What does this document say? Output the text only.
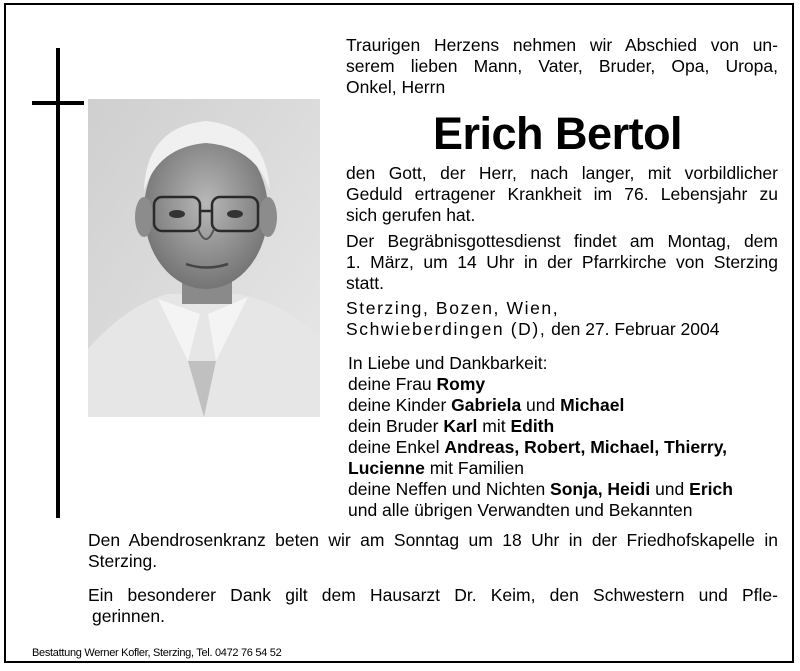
Traurigen Herzens nehmen wir Abschied von un-

serem lieben Mann, Vater, Bruder, Opa, Uropa,

Onkel, Herrn

Erich Bertol

den Gott, der Herr, nach langer, mit vorbildlicher

Geduld ertragener Krankheit im 76. Lebensjahr zu

sich gerufen hat.

Der Begräbnisgottesdienst findet am Montag, dem

1. März, um 14 Uhr in der Pfarrkirche von Sterzing

statt.

Sterzing, Bozen, Wien,

Schwieberdingen (D), den 27. Februar 2004

In Liebe und Dankbarkeit:
deine Frau Romy
deine Kinder Gabriela und Michael
dein Bruder Karl mit Edith
deine Enkel Andreas, Robert, Michael, Thierry,
Lucienne mit Familien
deine Neffen und Nichten Sonja, Heidi und Erich
und alle übrigen Verwandten und Bekannten

Den Abendrosenkranz beten wir am Sonntag um 18 Uhr in der Friedhofskapelle in

Sterzing.

Ein besonderer Dank gilt dem Hausarzt Dr. Keim, den Schwestern und Pfle-

gerinnen.

Bestattung Werner Kofler, Sterzing, Tel. 0472 76 54 52
